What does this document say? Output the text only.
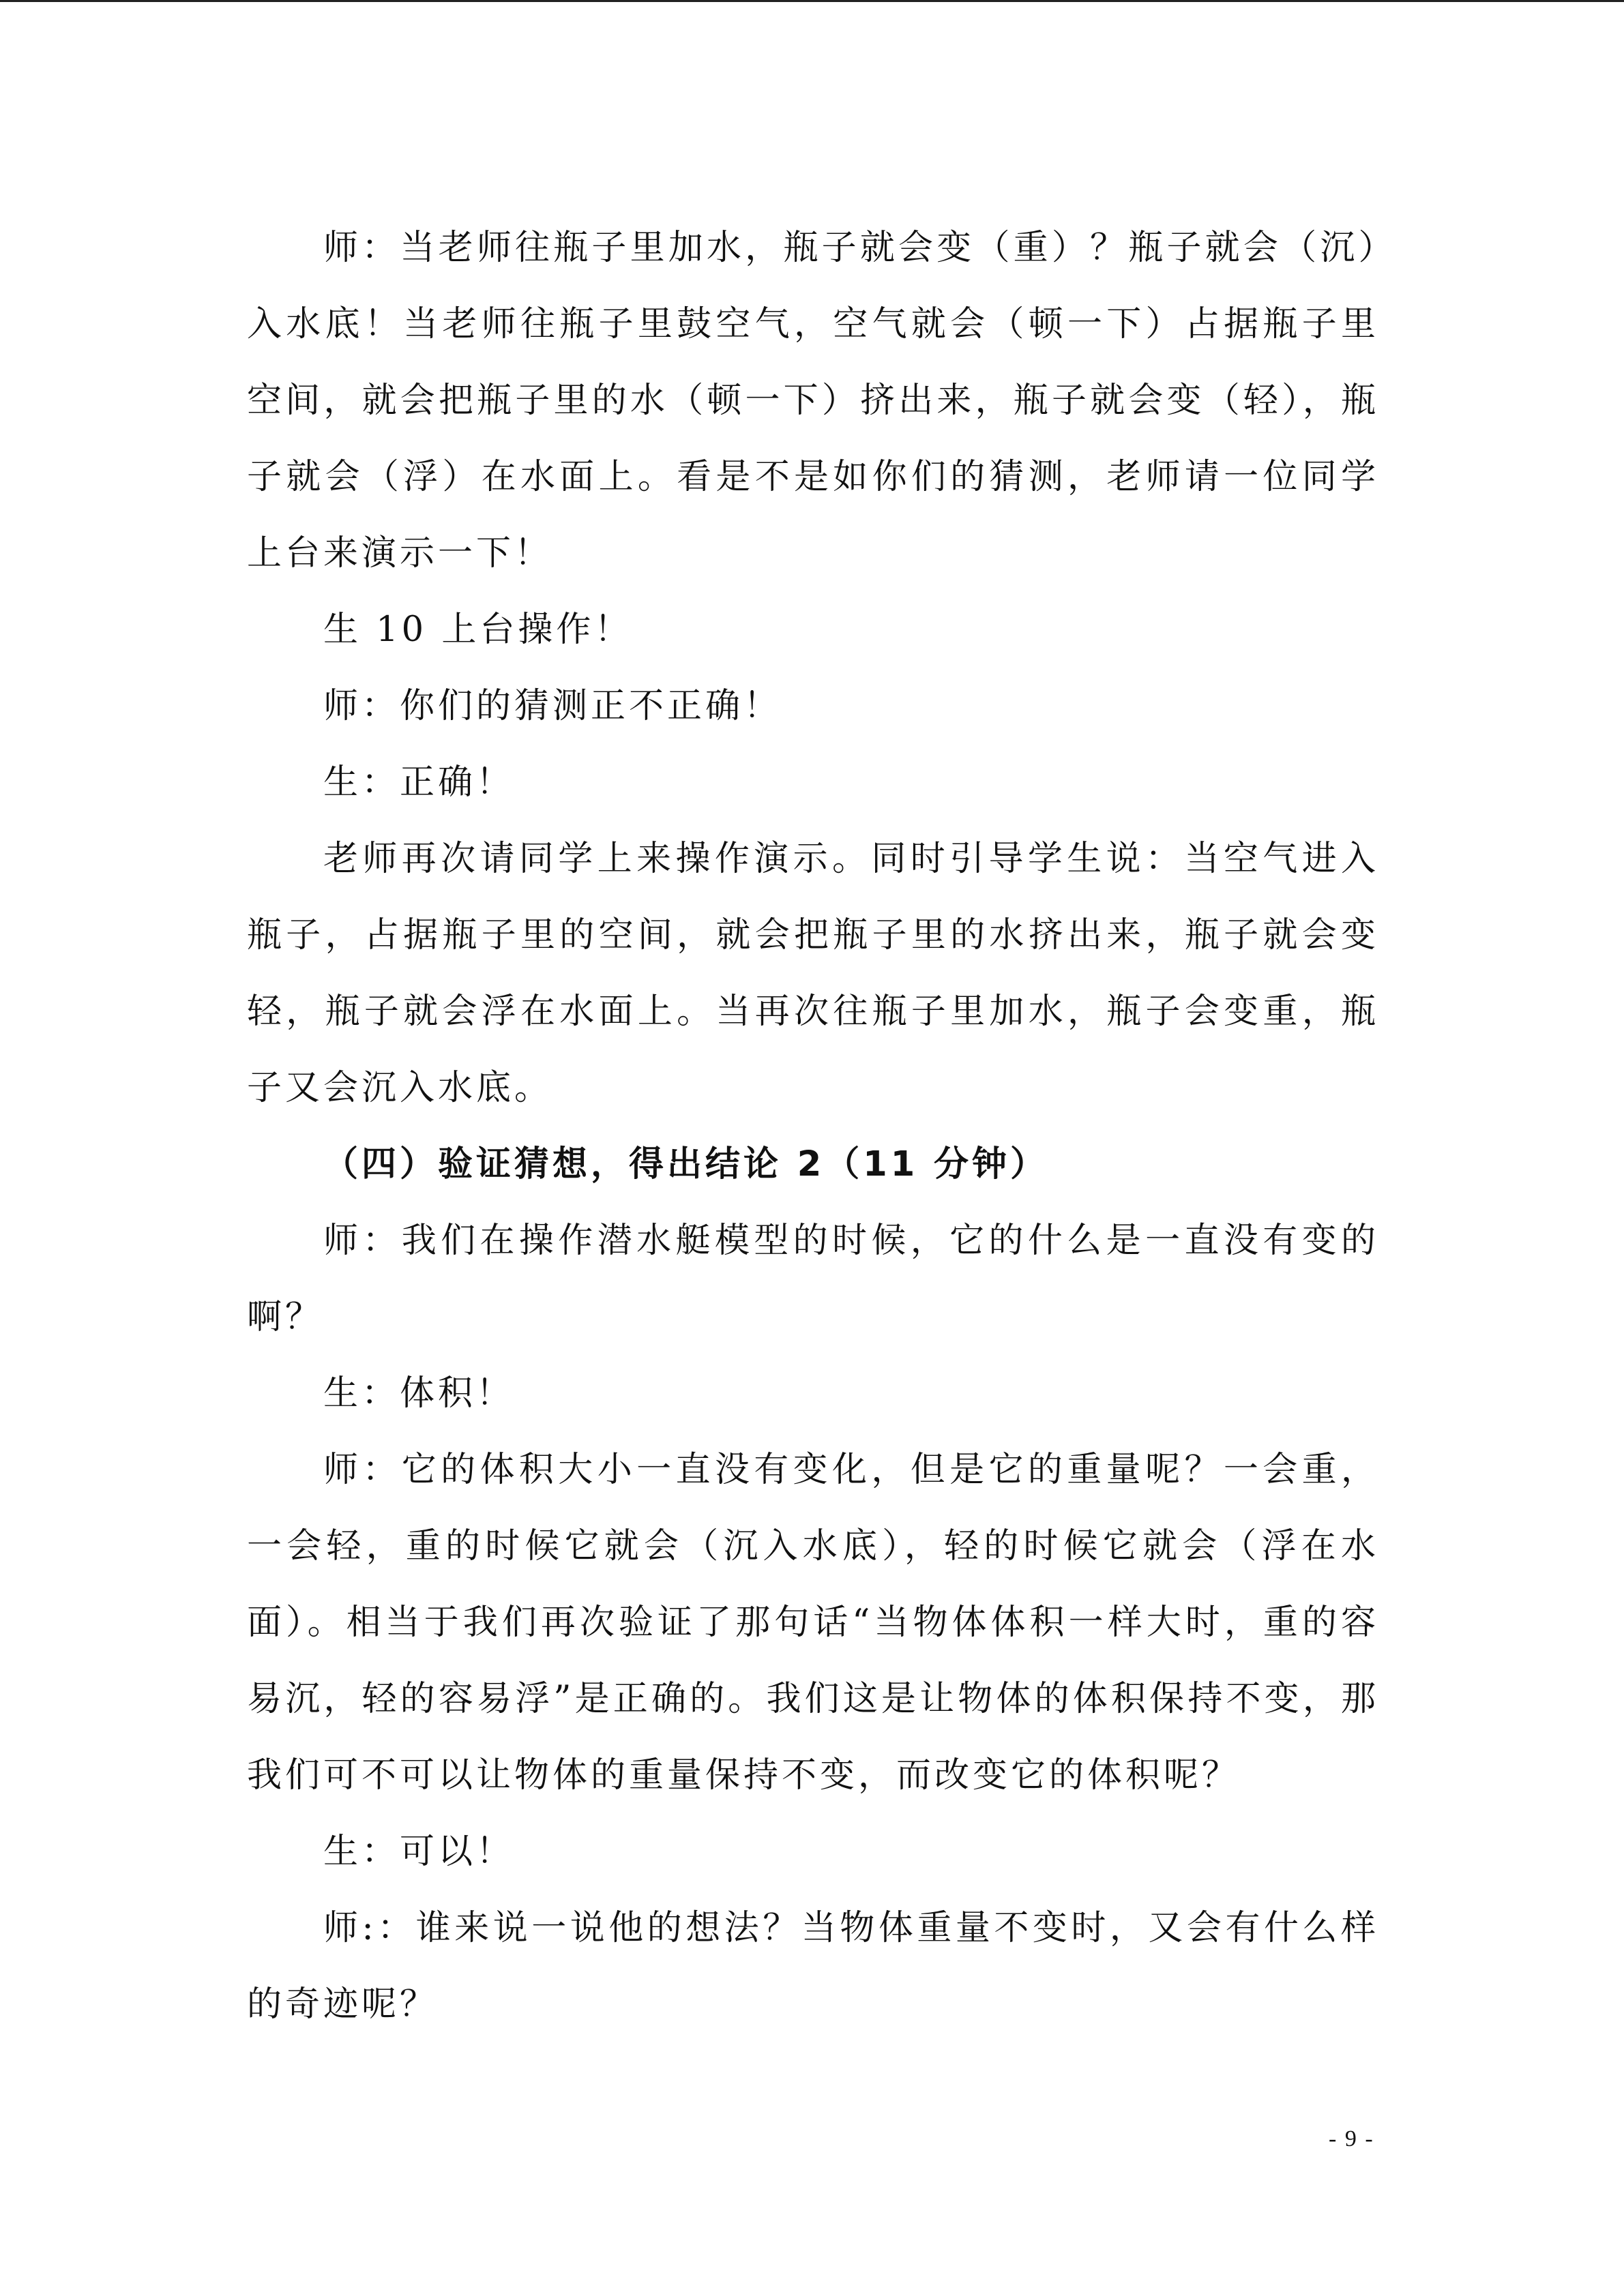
师：当老师往瓶子里加水，瓶子就会变（重）？瓶子就会（沉）入水底！当老师往瓶子里鼓空气，空气就会（顿一下）占据瓶子里空间，就会把瓶子里的水（顿一下）挤出来，瓶子就会变（轻），瓶子就会（浮）在水面上。看是不是如你们的猜测，老师请一位同学上台来演示一下！

生 10 上台操作！

师：你们的猜测正不正确！

生：正确！

老师再次请同学上来操作演示。同时引导学生说：当空气进入瓶子，占据瓶子里的空间，就会把瓶子里的水挤出来，瓶子就会变轻，瓶子就会浮在水面上。当再次往瓶子里加水，瓶子会变重，瓶子又会沉入水底。

（四）验证猜想，得出结论 2（11 分钟）

师：我们在操作潜水艇模型的时候，它的什么是一直没有变的啊？

生：体积！

师：它的体积大小一直没有变化，但是它的重量呢？一会重，一会轻，重的时候它就会（沉入水底），轻的时候它就会（浮在水面）。相当于我们再次验证了那句话“当物体体积一样大时，重的容易沉，轻的容易浮”是正确的。我们这是让物体的体积保持不变，那我们可不可以让物体的重量保持不变，而改变它的体积呢？

生：可以！

师:：谁来说一说他的想法？当物体重量不变时，又会有什么样的奇迹呢？

- 9 -
